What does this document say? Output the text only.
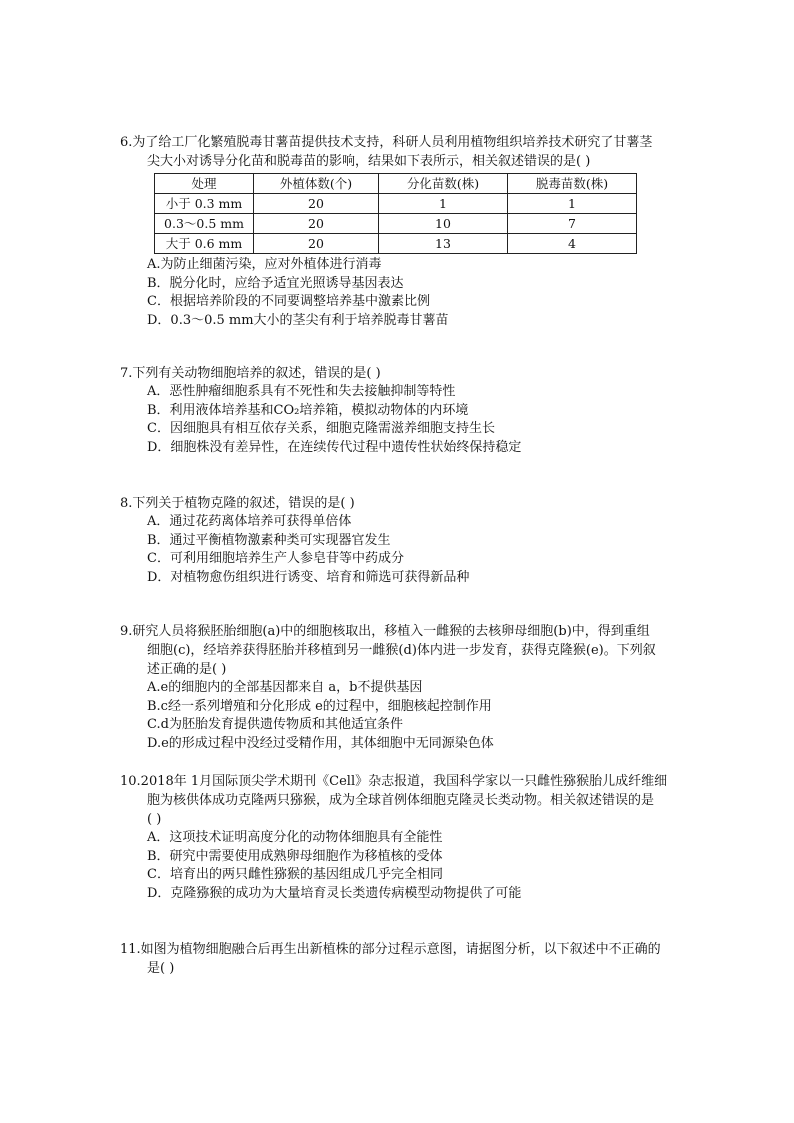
6.为了给工厂化繁殖脱毒甘薯苗提供技术支持，科研人员利用植物组织培养技术研究了甘薯茎
尖大小对诱导分化苗和脱毒苗的影响，结果如下表所示，相关叙述错误的是( )
处理	外植体数(个)	分化苗数(株)	脱毒苗数(株)
小于 0.3 mm	20	1	1
0.3～0.5 mm	20	10	7
大于 0.6 mm	20	13	4
A.为防止细菌污染，应对外植体进行消毒
B．脱分化时，应给予适宜光照诱导基因表达
C．根据培养阶段的不同要调整培养基中激素比例
D．0.3～0.5 mm大小的茎尖有利于培养脱毒甘薯苗
7.下列有关动物细胞培养的叙述，错误的是( )
A．恶性肿瘤细胞系具有不死性和失去接触抑制等特性
B．利用液体培养基和CO₂培养箱，模拟动物体的内环境
C．因细胞具有相互依存关系，细胞克隆需滋养细胞支持生长
D．细胞株没有差异性，在连续传代过程中遗传性状始终保持稳定
8.下列关于植物克隆的叙述，错误的是( )
A．通过花药离体培养可获得单倍体
B．通过平衡植物激素种类可实现器官发生
C．可利用细胞培养生产人参皂苷等中药成分
D．对植物愈伤组织进行诱变、培育和筛选可获得新品种
9.研究人员将猴胚胎细胞(a)中的细胞核取出，移植入一雌猴的去核卵母细胞(b)中，得到重组
细胞(c)，经培养获得胚胎并移植到另一雌猴(d)体内进一步发育，获得克隆猴(e)。下列叙
述正确的是( )
A.e的细胞内的全部基因都来自 a，b不提供基因
B.c经一系列增殖和分化形成 e的过程中，细胞核起控制作用
C.d为胚胎发育提供遗传物质和其他适宜条件
D.e的形成过程中没经过受精作用，其体细胞中无同源染色体
10.2018年 1月国际顶尖学术期刊《Cell》杂志报道，我国科学家以一只雌性猕猴胎儿成纤维细
胞为核供体成功克隆两只猕猴，成为全球首例体细胞克隆灵长类动物。相关叙述错误的是
( )
A．这项技术证明高度分化的动物体细胞具有全能性
B．研究中需要使用成熟卵母细胞作为移植核的受体
C．培育出的两只雌性猕猴的基因组成几乎完全相同
D．克隆猕猴的成功为大量培育灵长类遗传病模型动物提供了可能
11.如图为植物细胞融合后再生出新植株的部分过程示意图，请据图分析，以下叙述中不正确的
是( )
